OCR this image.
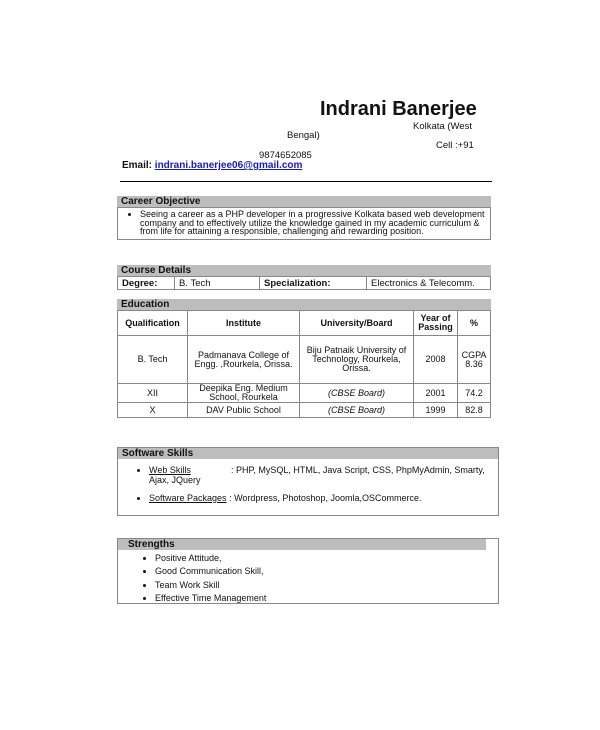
Indrani Banerjee
Kolkata (West
Bengal)
Cell :+91
9874652085
Email: indrani.banerjee06@gmail.com
Career Objective
• Seeing a career as a PHP developer in a progressive Kolkata based web development company and to effectively utilize the knowledge gained in my academic curriculum & from life for attaining a responsible, challenging and rewarding position.
Course Details
Degree:	B. Tech	Specialization:	Electronics & Telecomm.
Education
Qualification	Institute	University/Board	Year of Passing	%
B. Tech	Padmanava College of Engg. ,Rourkela, Orissa.	Biju Patnaik University of Technology, Rourkela, Orissa.	2008	CGPA 8.36
XII	Deepika Eng. Medium School, Rourkela	(CBSE Board)	2001	74.2
X	DAV Public School	(CBSE Board)	1999	82.8
Software Skills
• Web Skills	: PHP, MySQL, HTML, Java Script, CSS, PhpMyAdmin, Smarty, Ajax, JQuery
• Software Packages : Wordpress, Photoshop, Joomla,OSCommerce.
Strengths
• Positive Attitude,
• Good Communication Skill,
• Team Work Skill
• Effective Time Management
